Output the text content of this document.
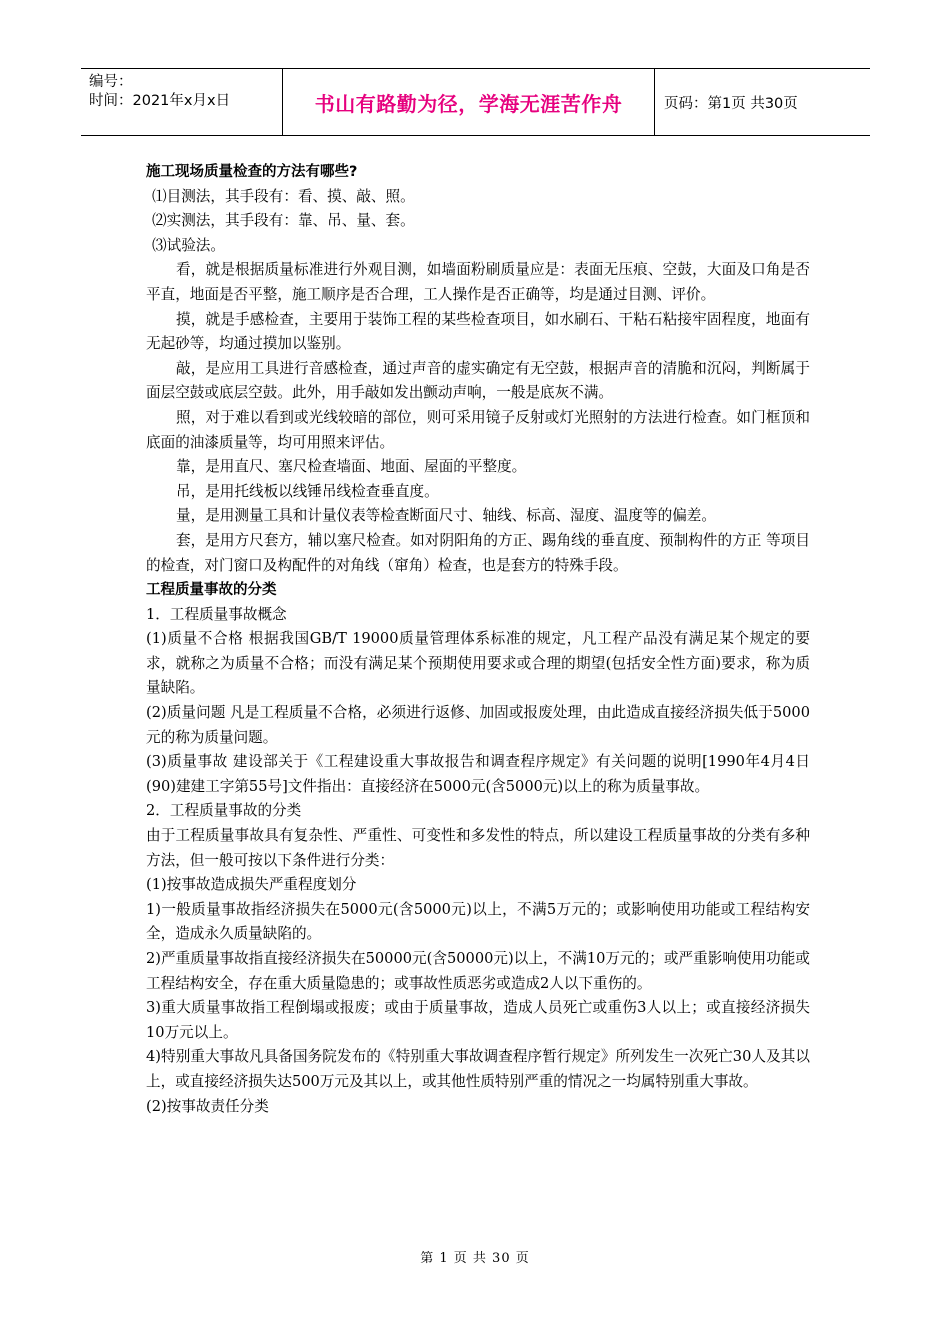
编号：
时间：2021年x月x日	书山有路勤为径，学海无涯苦作舟	页码：第1页 共30页

施工现场质量检查的方法有哪些?

⑴目测法，其手段有：看、摸、敲、照。

⑵实测法，其手段有：靠、吊、量、套。

⑶试验法。

看，就是根据质量标准进行外观目测，如墙面粉刷质量应是：表面无压痕、空鼓，大面及口角是否平直，地面是否平整，施工顺序是否合理，工人操作是否正确等，均是通过目测、评价。

摸，就是手感检查，主要用于装饰工程的某些检查项目，如水刷石、干粘石粘接牢固程度，地面有无起砂等，均通过摸加以鉴别。

敲，是应用工具进行音感检查，通过声音的虚实确定有无空鼓，根据声音的清脆和沉闷，判断属于面层空鼓或底层空鼓。此外，用手敲如发出颤动声响，一般是底灰不满。

照，对于难以看到或光线较暗的部位，则可采用镜子反射或灯光照射的方法进行检查。如门框顶和底面的油漆质量等，均可用照来评估。

靠，是用直尺、塞尺检查墙面、地面、屋面的平整度。

吊，是用托线板以线锤吊线检查垂直度。

量，是用测量工具和计量仪表等检查断面尺寸、轴线、标高、湿度、温度等的偏差。

套，是用方尺套方，辅以塞尺检查。如对阴阳角的方正、踢角线的垂直度、预制构件的方正 等项目的检查，对门窗口及构配件的对角线（窜角）检查，也是套方的特殊手段。

工程质量事故的分类

1．工程质量事故概念

(1)质量不合格 根据我国GB/T 19000质量管理体系标准的规定，凡工程产品没有满足某个规定的要求，就称之为质量不合格；而没有满足某个预期使用要求或合理的期望(包括安全性方面)要求，称为质量缺陷。

(2)质量问题 凡是工程质量不合格，必须进行返修、加固或报废处理，由此造成直接经济损失低于5000元的称为质量问题。

(3)质量事故 建设部关于《工程建设重大事故报告和调查程序规定》有关问题的说明[1990年4月4日(90)建建工字第55号]文件指出：直接经济在5000元(含5000元)以上的称为质量事故。

2．工程质量事故的分类

由于工程质量事故具有复杂性、严重性、可变性和多发性的特点，所以建设工程质量事故的分类有多种方法，但一般可按以下条件进行分类：

(1)按事故造成损失严重程度划分

1)一般质量事故指经济损失在5000元(含5000元)以上，不满5万元的；或影响使用功能或工程结构安全，造成永久质量缺陷的。

2)严重质量事故指直接经济损失在50000元(含50000元)以上，不满10万元的；或严重影响使用功能或工程结构安全，存在重大质量隐患的；或事故性质恶劣或造成2人以下重伤的。

3)重大质量事故指工程倒塌或报废；或由于质量事故，造成人员死亡或重伤3人以上；或直接经济损失10万元以上。

4)特别重大事故凡具备国务院发布的《特别重大事故调查程序暂行规定》所列发生一次死亡30人及其以上，或直接经济损失达500万元及其以上，或其他性质特别严重的情况之一均属特别重大事故。

(2)按事故责任分类

第 1 页 共 30 页
